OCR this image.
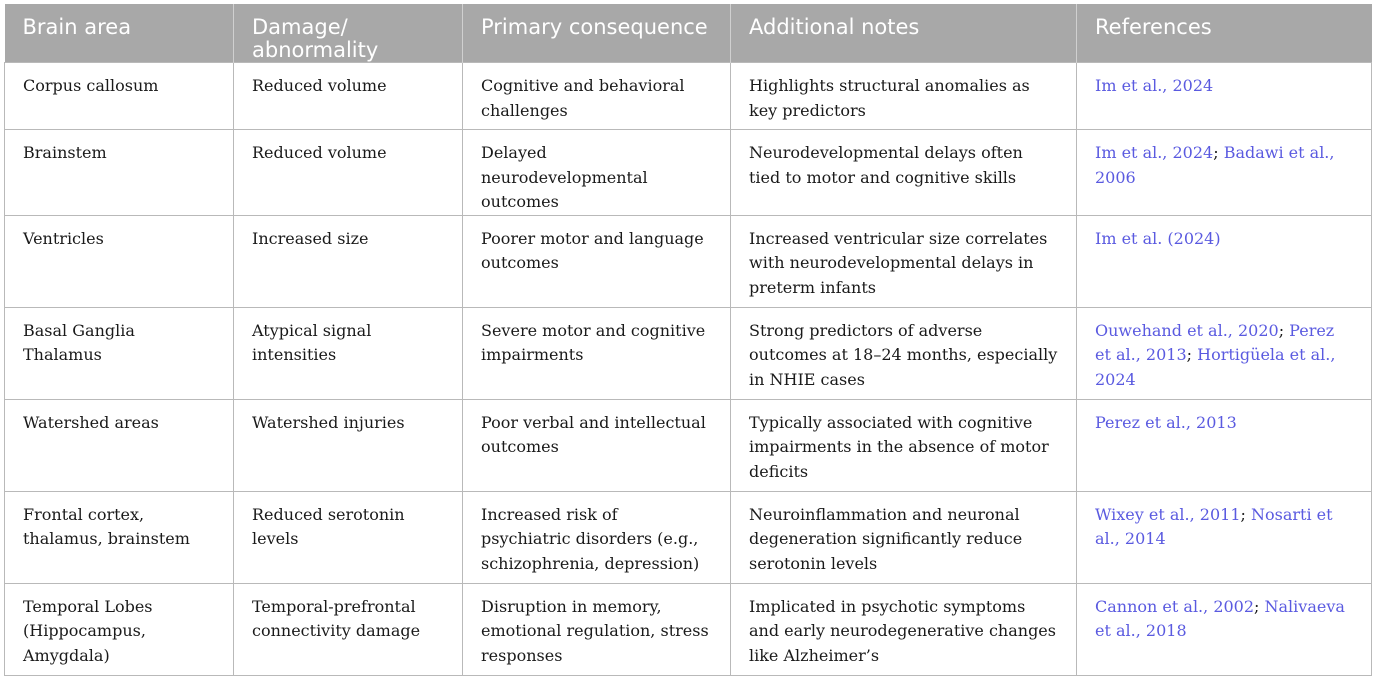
Brain area	Damage/ abnormality	Primary consequence	Additional notes	References
Corpus callosum	Reduced volume	Cognitive and behavioral challenges	Highlights structural anomalies as key predictors	Im et al., 2024
Brainstem	Reduced volume	Delayed neurodevelopmental outcomes	Neurodevelopmental delays often tied to motor and cognitive skills	Im et al., 2024; Badawi et al., 2006
Ventricles	Increased size	Poorer motor and language outcomes	Increased ventricular size correlates with neurodevelopmental delays in preterm infants	Im et al. (2024)
Basal Ganglia Thalamus	Atypical signal intensities	Severe motor and cognitive impairments	Strong predictors of adverse outcomes at 18–24 months, especially in NHIE cases	Ouwehand et al., 2020; Perez et al., 2013; Hortigüela et al., 2024
Watershed areas	Watershed injuries	Poor verbal and intellectual outcomes	Typically associated with cognitive impairments in the absence of motor deficits	Perez et al., 2013
Frontal cortex, thalamus, brainstem	Reduced serotonin levels	Increased risk of psychiatric disorders (e.g., schizophrenia, depression)	Neuroinflammation and neuronal degeneration significantly reduce serotonin levels	Wixey et al., 2011; Nosarti et al., 2014
Temporal Lobes (Hippocampus, Amygdala)	Temporal-prefrontal connectivity damage	Disruption in memory, emotional regulation, stress responses	Implicated in psychotic symptoms and early neurodegenerative changes like Alzheimer’s	Cannon et al., 2002; Nalivaeva et al., 2018
